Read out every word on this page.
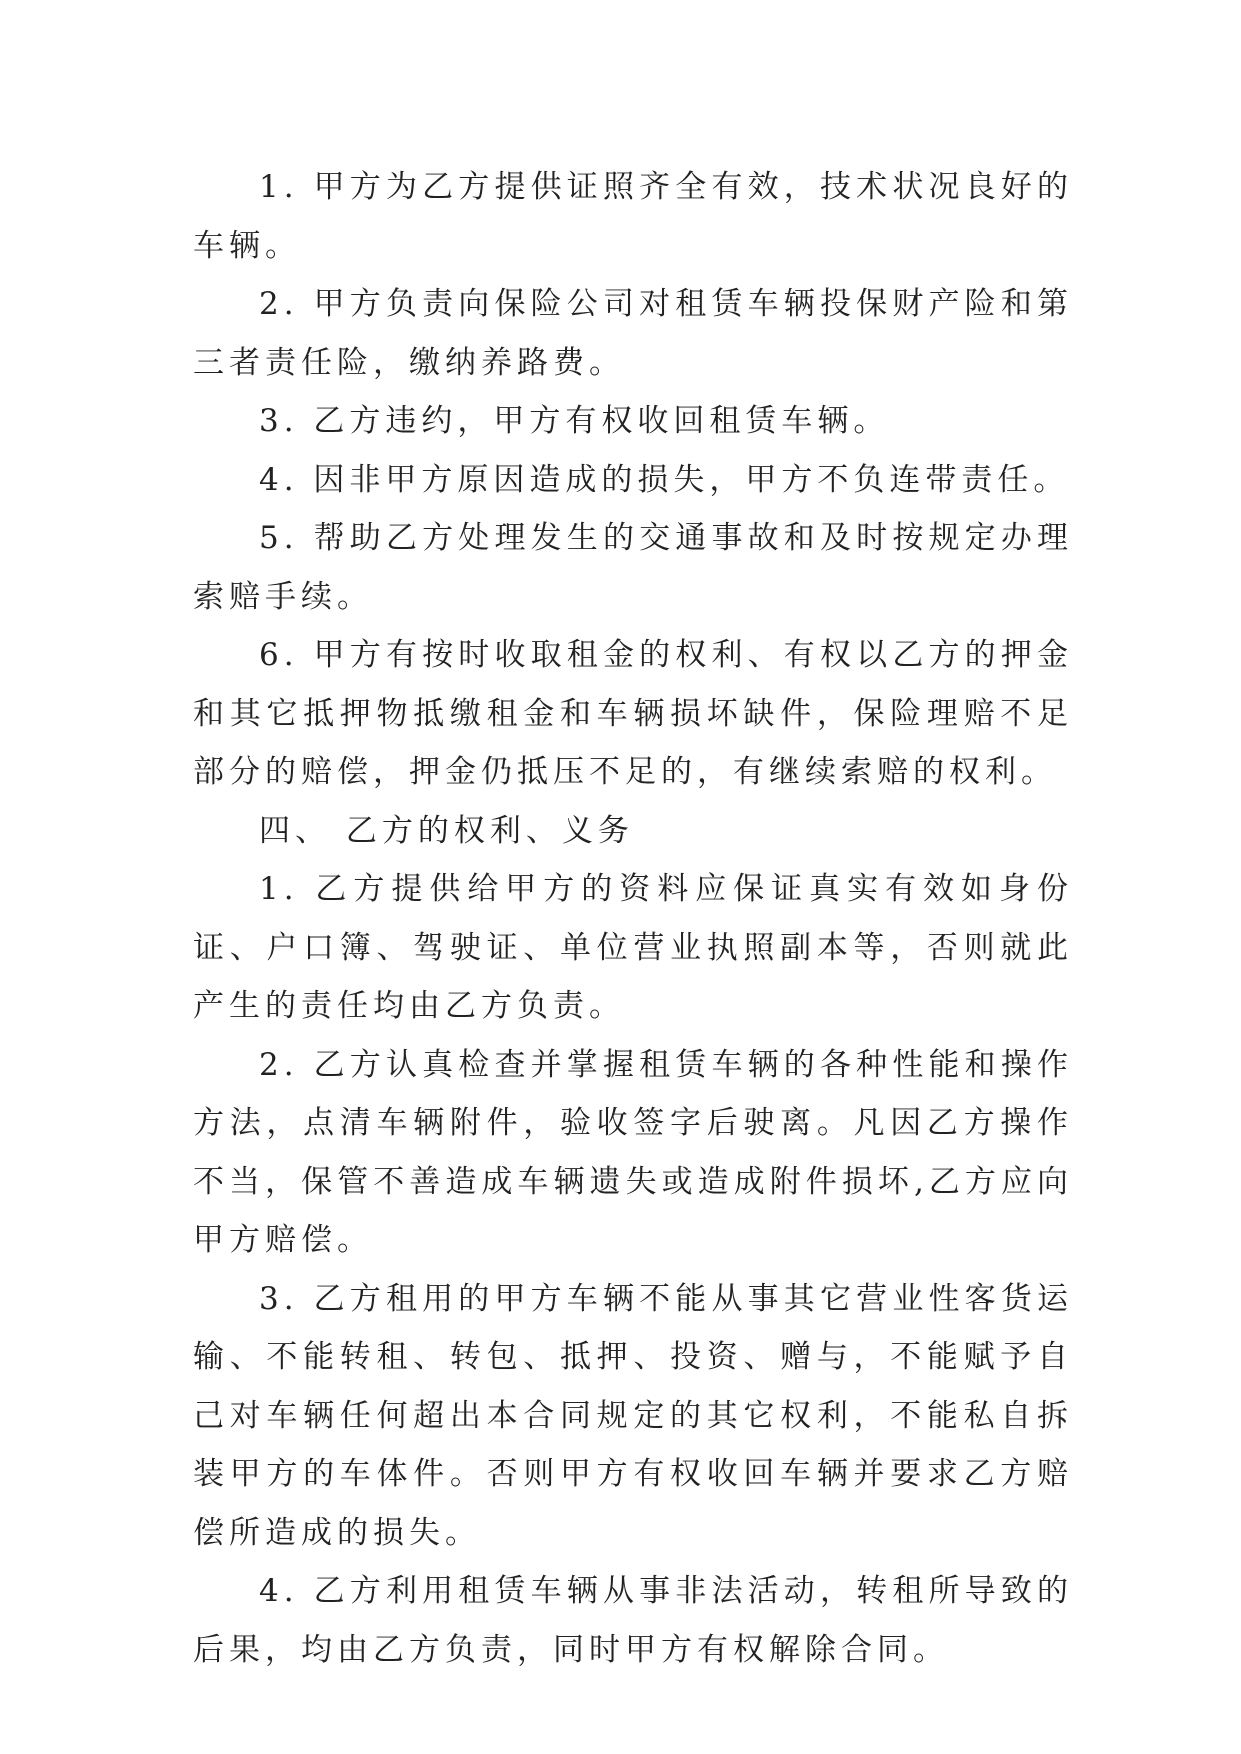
1. 甲方为乙方提供证照齐全有效，技术状况良好的车辆。

2. 甲方负责向保险公司对租赁车辆投保财产险和第三者责任险，缴纳养路费。

3. 乙方违约，甲方有权收回租赁车辆。

4. 因非甲方原因造成的损失，甲方不负连带责任。

5. 帮助乙方处理发生的交通事故和及时按规定办理索赔手续。

6. 甲方有按时收取租金的权利、有权以乙方的押金和其它抵押物抵缴租金和车辆损坏缺件，保险理赔不足部分的赔偿，押金仍抵压不足的，有继续索赔的权利。

四、 乙方的权利、义务

1. 乙方提供给甲方的资料应保证真实有效如身份证、户口簿、驾驶证、单位营业执照副本等，否则就此产生的责任均由乙方负责。

2. 乙方认真检查并掌握租赁车辆的各种性能和操作方法，点清车辆附件，验收签字后驶离。凡因乙方操作不当，保管不善造成车辆遗失或造成附件损坏,乙方应向甲方赔偿。

3. 乙方租用的甲方车辆不能从事其它营业性客货运输、不能转租、转包、抵押、投资、赠与，不能赋予自己对车辆任何超出本合同规定的其它权利，不能私自拆装甲方的车体件。否则甲方有权收回车辆并要求乙方赔偿所造成的损失。

4. 乙方利用租赁车辆从事非法活动，转租所导致的后果，均由乙方负责，同时甲方有权解除合同。
